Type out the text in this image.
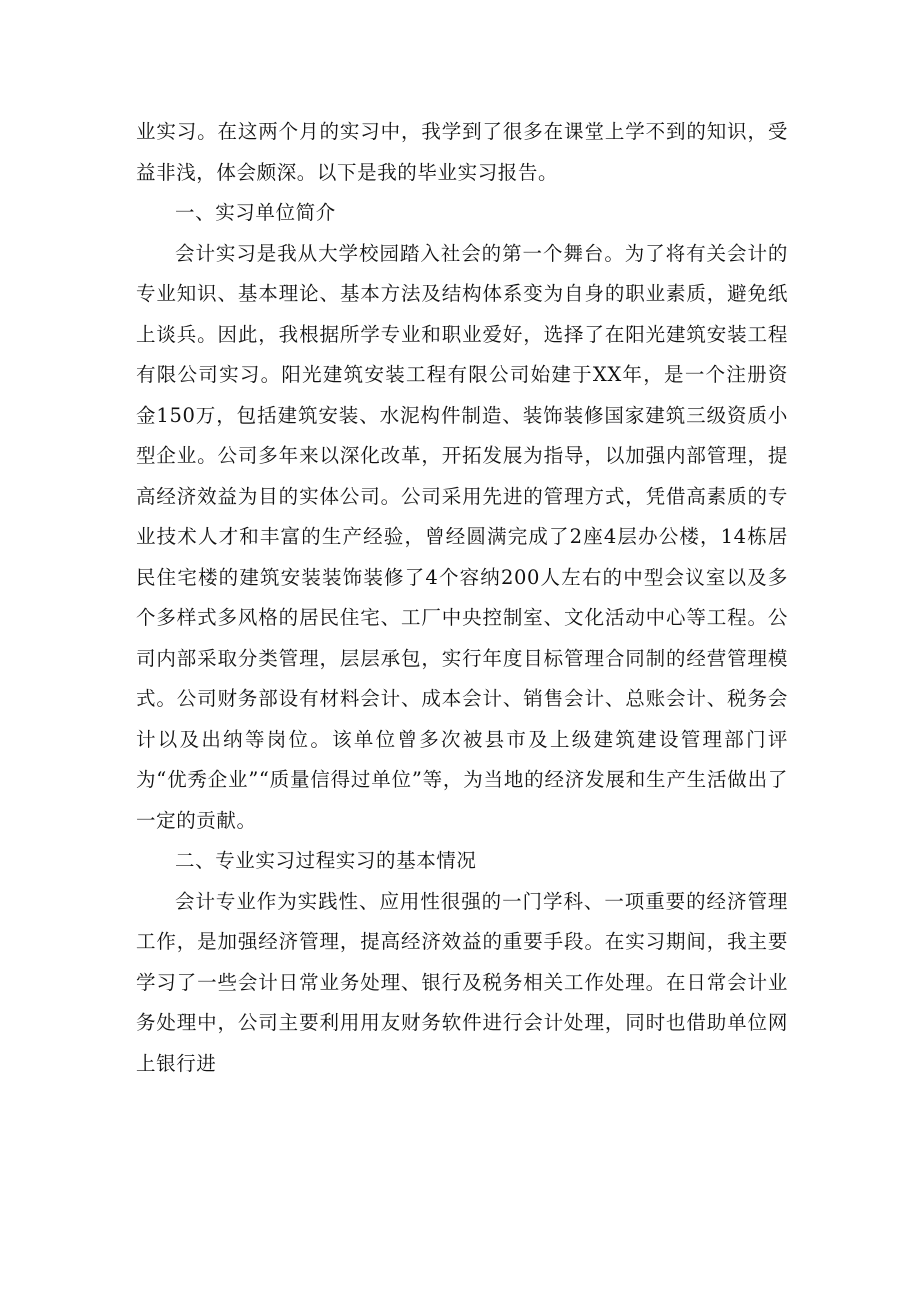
业实习。在这两个月的实习中，我学到了很多在课堂上学不到的知识，受益非浅，体会颇深。以下是我的毕业实习报告。

一、实习单位简介

会计实习是我从大学校园踏入社会的第一个舞台。为了将有关会计的专业知识、基本理论、基本方法及结构体系变为自身的职业素质，避免纸上谈兵。因此，我根据所学专业和职业爱好，选择了在阳光建筑安装工程有限公司实习。阳光建筑安装工程有限公司始建于XX年，是一个注册资金150万，包括建筑安装、水泥构件制造、装饰装修国家建筑三级资质小型企业。公司多年来以深化改革，开拓发展为指导，以加强内部管理，提高经济效益为目的实体公司。公司采用先进的管理方式，凭借高素质的专业技术人才和丰富的生产经验，曾经圆满完成了2座4层办公楼，14栋居民住宅楼的建筑安装装饰装修了4个容纳200人左右的中型会议室以及多个多样式多风格的居民住宅、工厂中央控制室、文化活动中心等工程。公司内部采取分类管理，层层承包，实行年度目标管理合同制的经营管理模式。公司财务部设有材料会计、成本会计、销售会计、总账会计、税务会计以及出纳等岗位。该单位曾多次被县市及上级建筑建设管理部门评为“优秀企业”“质量信得过单位”等，为当地的经济发展和生产生活做出了一定的贡献。

二、专业实习过程实习的基本情况

会计专业作为实践性、应用性很强的一门学科、一项重要的经济管理工作，是加强经济管理，提高经济效益的重要手段。在实习期间，我主要学习了一些会计日常业务处理、银行及税务相关工作处理。在日常会计业务处理中，公司主要利用用友财务软件进行会计处理，同时也借助单位网上银行进
